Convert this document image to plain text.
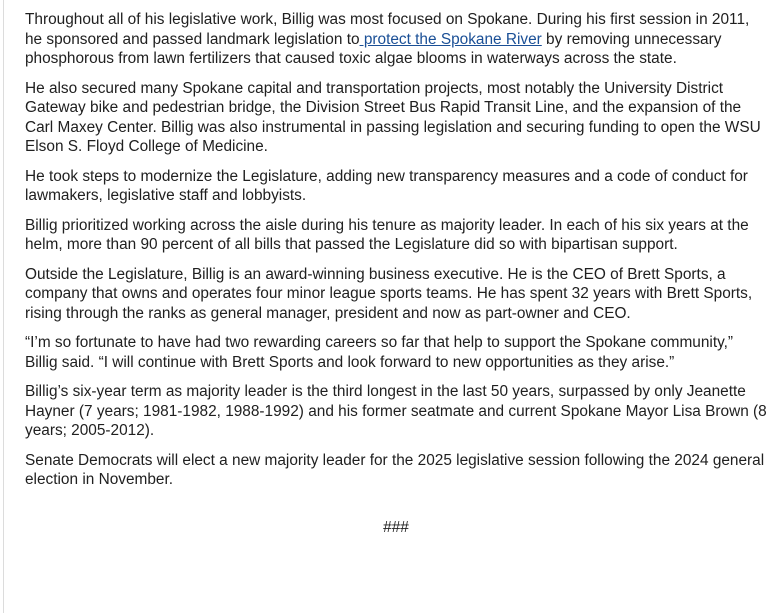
Throughout all of his legislative work, Billig was most focused on Spokane. During his first session in 2011, he sponsored and passed landmark legislation to protect the Spokane River by removing unnecessary phosphorous from lawn fertilizers that caused toxic algae blooms in waterways across the state.

He also secured many Spokane capital and transportation projects, most notably the University District Gateway bike and pedestrian bridge, the Division Street Bus Rapid Transit Line, and the expansion of the Carl Maxey Center. Billig was also instrumental in passing legislation and securing funding to open the WSU Elson S. Floyd College of Medicine.

He took steps to modernize the Legislature, adding new transparency measures and a code of conduct for lawmakers, legislative staff and lobbyists.

Billig prioritized working across the aisle during his tenure as majority leader. In each of his six years at the helm, more than 90 percent of all bills that passed the Legislature did so with bipartisan support.

Outside the Legislature, Billig is an award-winning business executive. He is the CEO of Brett Sports, a company that owns and operates four minor league sports teams. He has spent 32 years with Brett Sports, rising through the ranks as general manager, president and now as part-owner and CEO.

“I’m so fortunate to have had two rewarding careers so far that help to support the Spokane community,” Billig said. “I will continue with Brett Sports and look forward to new opportunities as they arise.”

Billig’s six-year term as majority leader is the third longest in the last 50 years, surpassed by only Jeanette Hayner (7 years; 1981-1982, 1988-1992) and his former seatmate and current Spokane Mayor Lisa Brown (8 years; 2005-2012).

Senate Democrats will elect a new majority leader for the 2025 legislative session following the 2024 general election in November.

###
